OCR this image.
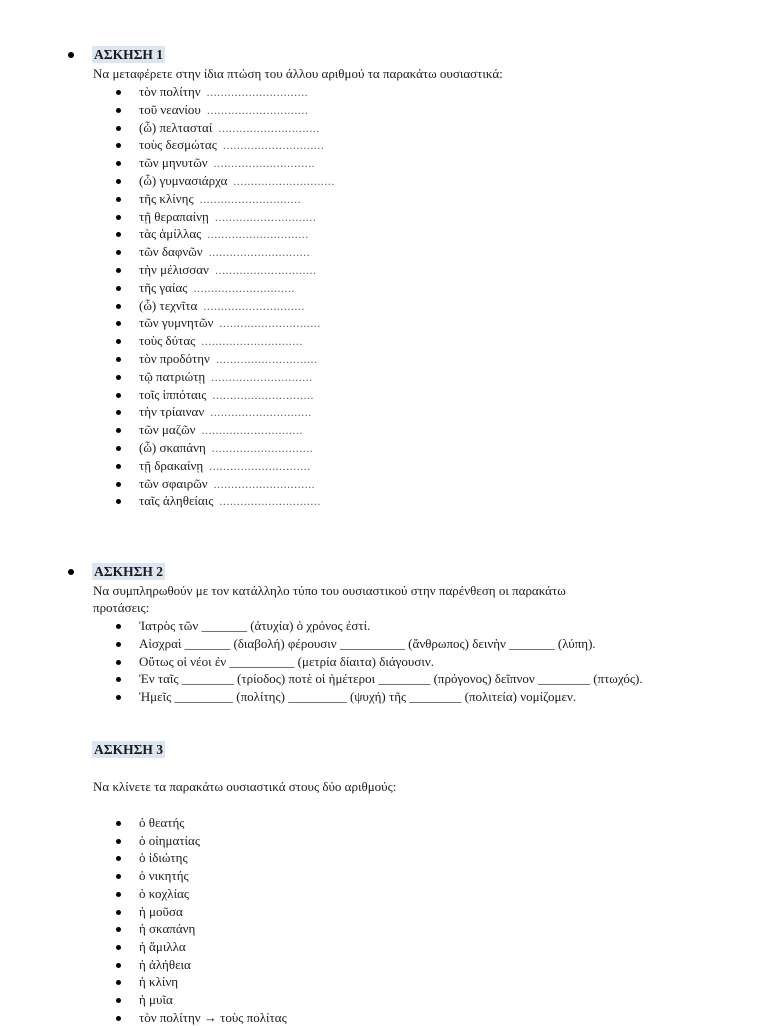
ΑΣΚΗΣΗ 1
Να μεταφέρετε στην ίδια πτώση του άλλου αριθμού τα παρακάτω ουσιαστικά:
τὸν πολίτην .............................
τοῦ νεανίου .............................
(ὦ) πελτασταί .............................
τοὺς δεσμώτας .............................
τῶν μηνυτῶν .............................
(ὦ) γυμνασιάρχα .............................
τῆς κλίνης .............................
τῇ θεραπαίνῃ .............................
τὰς ἁμίλλας .............................
τῶν δαφνῶν .............................
τὴν μέλισσαν .............................
τῆς γαίας .............................
(ὦ) τεχνῖτα .............................
τῶν γυμνητῶν .............................
τοὺς δύτας .............................
τὸν προδότην .............................
τῷ πατριώτῃ .............................
τοῖς ἱππόταις .............................
τὴν τρίαιναν .............................
τῶν μαζῶν .............................
(ὦ) σκαπάνη .............................
τῇ δρακαίνῃ .............................
τῶν σφαιρῶν .............................
ταῖς ἀληθείαις .............................
ΑΣΚΗΣΗ 2
Να συμπληρωθούν με τον κατάλληλο τύπο του ουσιαστικού στην παρένθεση οι παρακάτω
προτάσεις:
Ἰατρὸς τῶν _______ (ἀτυχία) ὁ χρόνος ἐστί.
Αἰσχραὶ _______ (διαβολή) φέρουσιν __________ (ἄνθρωπος) δεινὴν _______ (λύπη).
Οὕτως οἱ νέοι ἐν __________ (μετρία δίαιτα) διάγουσιν.
Ἐν ταῖς ________ (τρίοδος) ποτὲ οἱ ἡμέτεροι ________ (πρόγονος) δεῖπνον ________ (πτωχός).
Ἡμεῖς _________ (πολίτης) _________ (ψυχή) τῆς ________ (πολιτεία) νομίζομεν.
ΑΣΚΗΣΗ 3
Να κλίνετε τα παρακάτω ουσιαστικά στους δύο αριθμούς:
ὁ θεατής
ὁ οἰηματίας
ὁ ἰδιώτης
ὁ νικητής
ὁ κοχλίας
ἡ μοῦσα
ἡ σκαπάνη
ἡ ἅμιλλα
ἡ ἀλήθεια
ἡ κλίνη
ἡ μυῖα
τὸν πολίτην → τοὺς πολίτας
